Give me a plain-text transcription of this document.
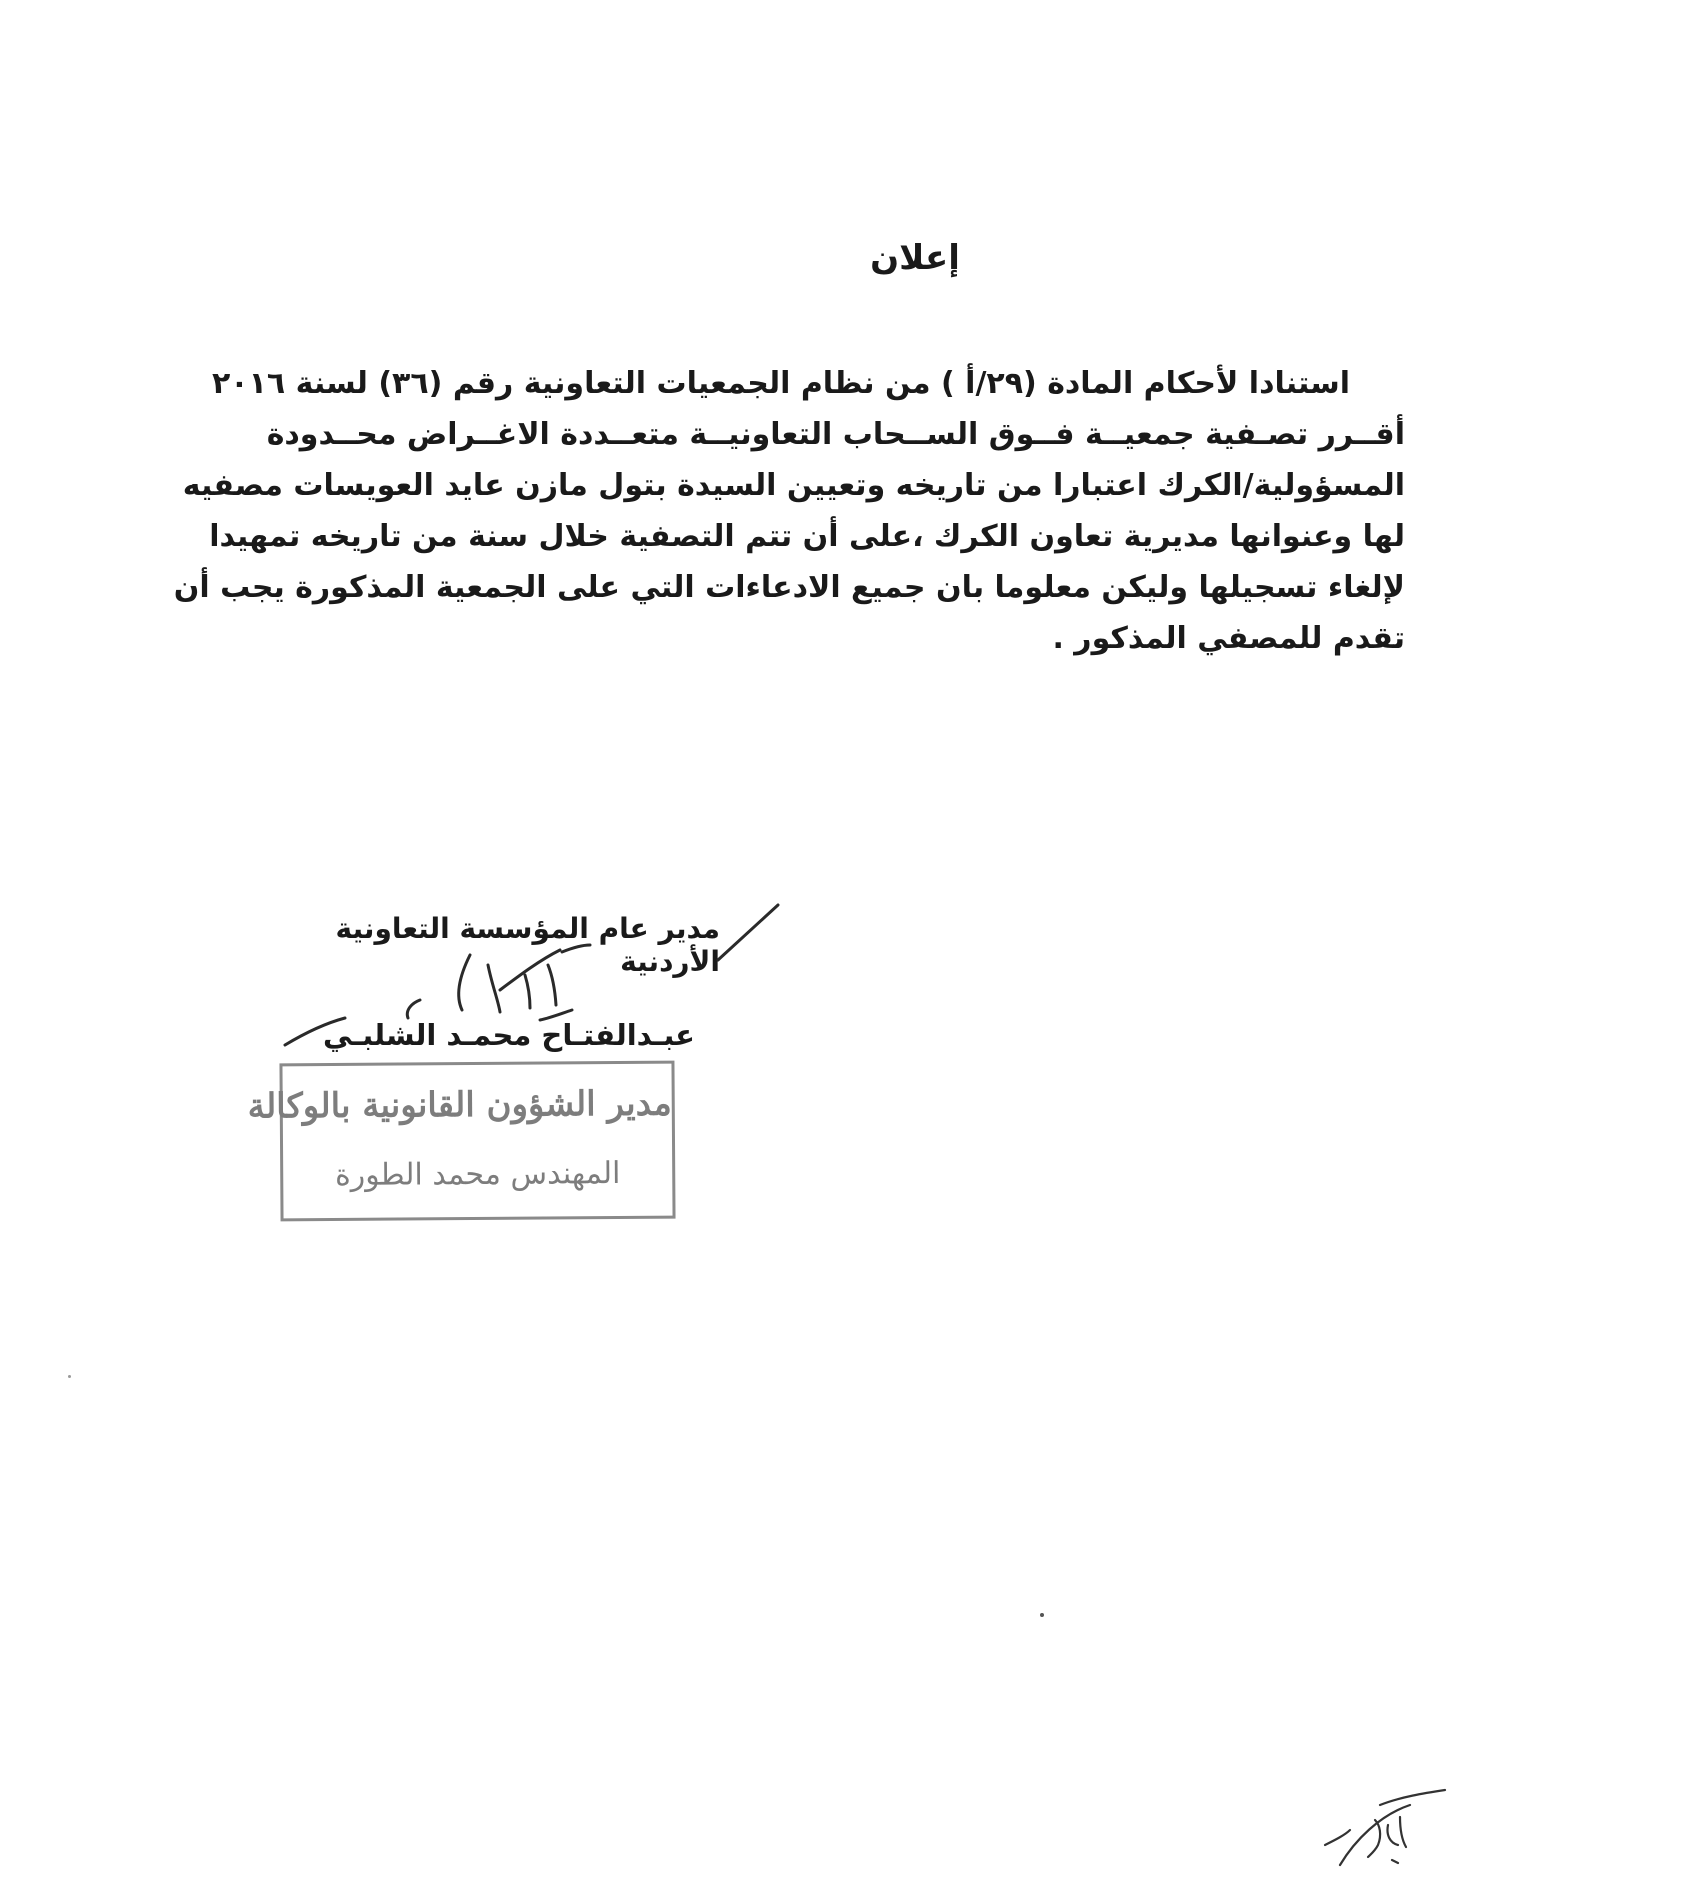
إعلان
استنادا لأحكام المادة (٢٩/أ ) من نظام الجمعيات التعاونية رقم (٣٦) لسنة ٢٠١٦
أقــرر تصـفية جمعيــة فــوق الســحاب التعاونيــة متعــددة الاغــراض محــدودة
المسؤولية/الكرك اعتبارا من تاريخه وتعيين السيدة بتول مازن عايد العويسات مصفيه
لها وعنوانها مديرية تعاون الكرك ،على أن تتم التصفية خلال سنة من تاريخه تمهيدا
لإلغاء تسجيلها وليكن معلوما بان جميع الادعاءات التي على الجمعية المذكورة يجب أن
تقدم للمصفي المذكور .
مدير عام المؤسسة التعاونية الأردنية
عبـدالفتـاح محمـد الشلبـي
مدير الشؤون القانونية بالوكالة
المهندس محمد الطورة
